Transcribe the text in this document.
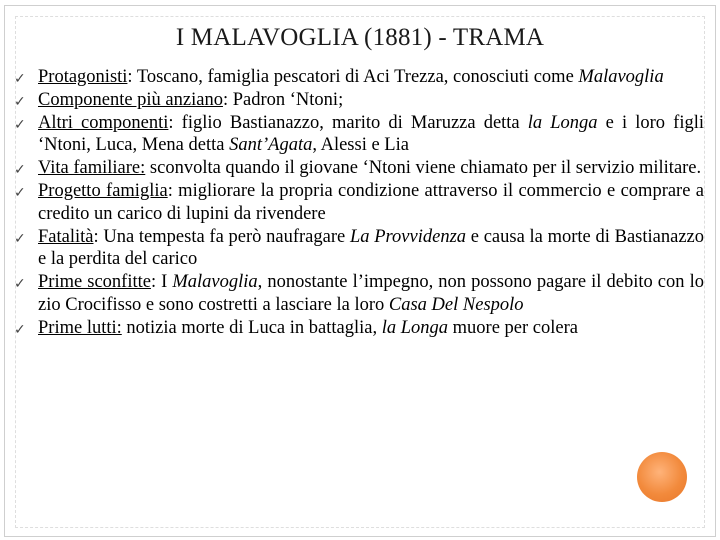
I MALAVOGLIA (1881) - TRAMA
✓ Protagonisti: Toscano, famiglia pescatori di Aci Trezza, conosciuti come Malavoglia
✓ Componente più anziano: Padron ‘Ntoni;
✓ Altri componenti: figlio Bastianazzo, marito di Maruzza detta la Longa e i loro figli ‘Ntoni, Luca, Mena detta Sant’Agata, Alessi e Lia
✓ Vita familiare: sconvolta quando il giovane ‘Ntoni viene chiamato per il servizio militare.
✓ Progetto famiglia: migliorare la propria condizione attraverso il commercio e comprare a credito un carico di lupini da rivendere
✓ Fatalità: Una tempesta fa però naufragare La Provvidenza e causa la morte di Bastianazzo e la perdita del carico
✓ Prime sconfitte: I Malavoglia, nonostante l’impegno, non possono pagare il debito con lo zio Crocifisso e sono costretti a lasciare la loro Casa Del Nespolo
✓ Prime lutti: notizia morte di Luca in battaglia, la Longa muore per colera
